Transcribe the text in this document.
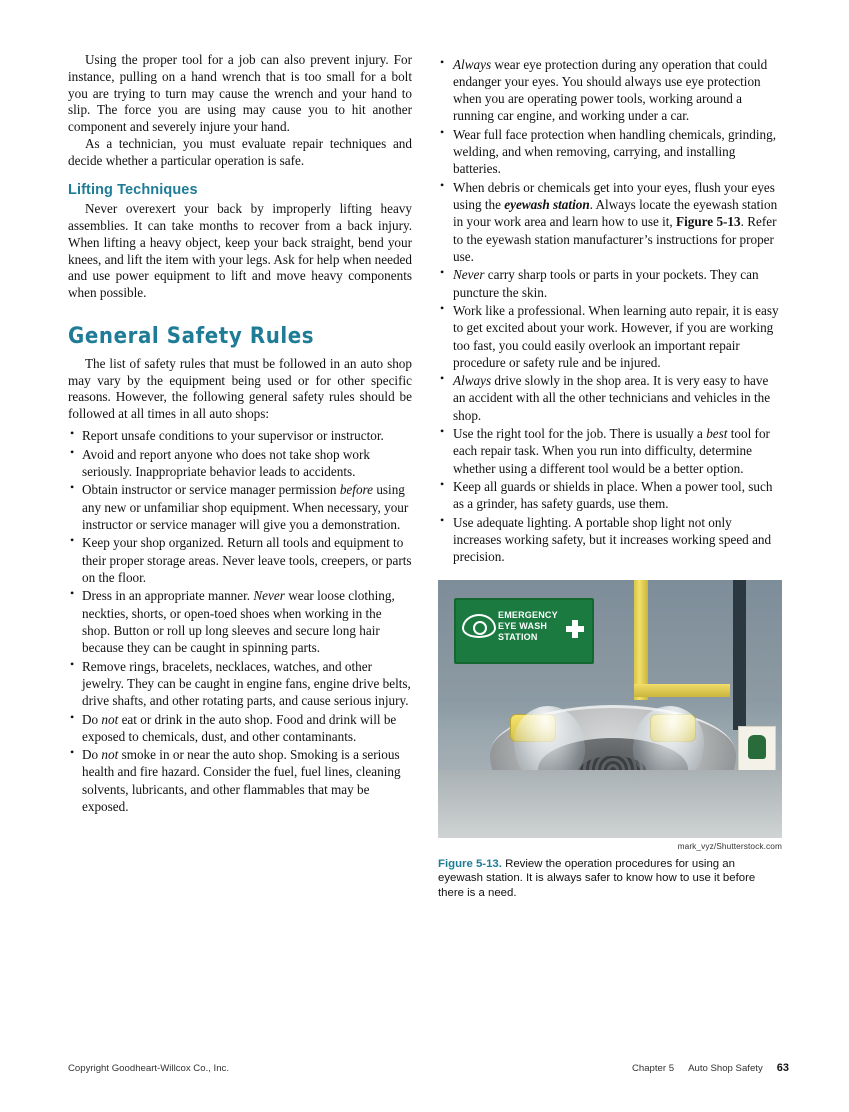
Using the proper tool for a job can also prevent injury. For instance, pulling on a hand wrench that is too small for a bolt you are trying to turn may cause the wrench and your hand to slip. The force you are using may cause you to hit another component and severely injure your hand.

As a technician, you must evaluate repair techniques and decide whether a particular operation is safe.

Lifting Techniques

Never overexert your back by improperly lifting heavy assemblies. It can take months to recover from a back injury. When lifting a heavy object, keep your back straight, bend your knees, and lift the item with your legs. Ask for help when needed and use power equipment to lift and move heavy components when possible.

General Safety Rules

The list of safety rules that must be followed in an auto shop may vary by the equipment being used or for other specific reasons. However, the following general safety rules should be followed at all times in all auto shops:

• Report unsafe conditions to your supervisor or instructor.
• Avoid and report anyone who does not take shop work seriously. Inappropriate behavior leads to accidents.
• Obtain instructor or service manager permission before using any new or unfamiliar shop equipment. When necessary, your instructor or service manager will give you a demonstration.
• Keep your shop organized. Return all tools and equipment to their proper storage areas. Never leave tools, creepers, or parts on the floor.
• Dress in an appropriate manner. Never wear loose clothing, neckties, shorts, or open-toed shoes when working in the shop. Button or roll up long sleeves and secure long hair because they can be caught in spinning parts.
• Remove rings, bracelets, necklaces, watches, and other jewelry. They can be caught in engine fans, engine drive belts, drive shafts, and other rotating parts, and cause serious injury.
• Do not eat or drink in the auto shop. Food and drink will be exposed to chemicals, dust, and other contaminants.
• Do not smoke in or near the auto shop. Smoking is a serious health and fire hazard. Consider the fuel, fuel lines, cleaning solvents, lubricants, and other flammables that may be exposed.
• Always wear eye protection during any operation that could endanger your eyes. You should always use eye protection when you are operating power tools, working around a running car engine, and working under a car.
• Wear full face protection when handling chemicals, grinding, welding, and when removing, carrying, and installing batteries.
• When debris or chemicals get into your eyes, flush your eyes using the eyewash station. Always locate the eyewash station in your work area and learn how to use it, Figure 5-13. Refer to the eyewash station manufacturer’s instructions for proper use.
• Never carry sharp tools or parts in your pockets. They can puncture the skin.
• Work like a professional. When learning auto repair, it is easy to get excited about your work. However, if you are working too fast, you could easily overlook an important repair procedure or safety rule and be injured.
• Always drive slowly in the shop area. It is very easy to have an accident with all the other technicians and vehicles in the shop.
• Use the right tool for the job. There is usually a best tool for each repair task. When you run into difficulty, determine whether using a different tool would be a better option.
• Keep all guards or shields in place. When a power tool, such as a grinder, has safety guards, use them.
• Use adequate lighting. A portable shop light not only increases working safety, but it increases working speed and precision.
EMERGENCY
EYE WASH
STATION
mark_vyz/Shutterstock.com
Figure 5-13. Review the operation procedures for using an eyewash station. It is always safer to know how to use it before there is a need.
Copyright Goodheart-Willcox Co., Inc.	Chapter 5 Auto Shop Safety 63
